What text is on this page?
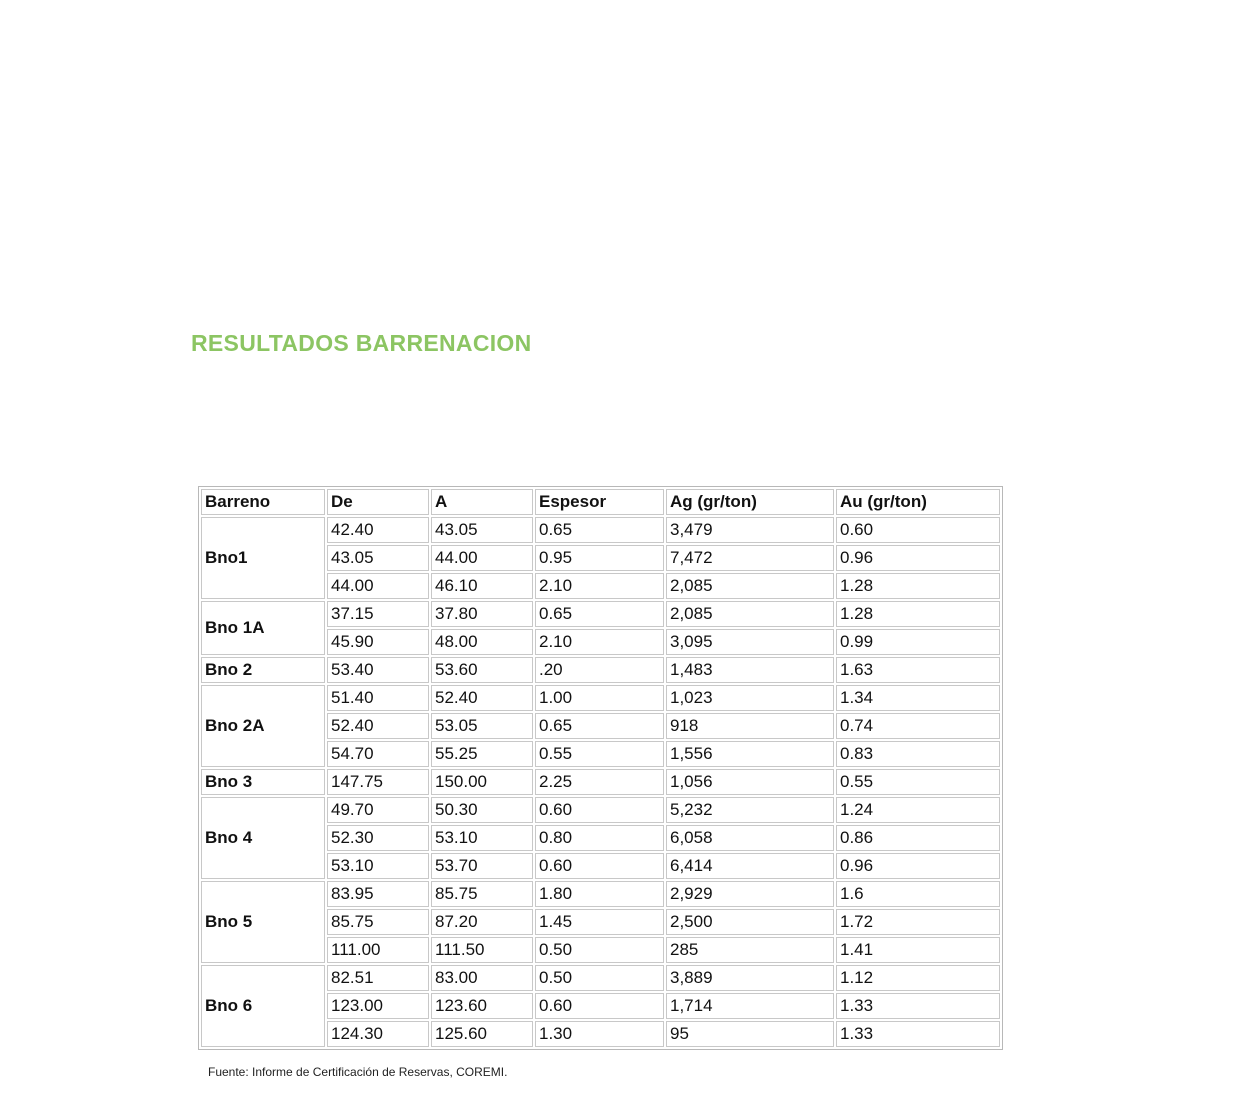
RESULTADOS BARRENACION
Barreno	De	A	Espesor	Ag (gr/ton)	Au (gr/ton)
Bno1	42.40	43.05	0.65	3,479	0.60
	43.05	44.00	0.95	7,472	0.96
	44.00	46.10	2.10	2,085	1.28
Bno 1A	37.15	37.80	0.65	2,085	1.28
	45.90	48.00	2.10	3,095	0.99
Bno 2	53.40	53.60	.20	1,483	1.63
Bno 2A	51.40	52.40	1.00	1,023	1.34
	52.40	53.05	0.65	918	0.74
	54.70	55.25	0.55	1,556	0.83
Bno 3	147.75	150.00	2.25	1,056	0.55
Bno 4	49.70	50.30	0.60	5,232	1.24
	52.30	53.10	0.80	6,058	0.86
	53.10	53.70	0.60	6,414	0.96
Bno 5	83.95	85.75	1.80	2,929	1.6
	85.75	87.20	1.45	2,500	1.72
	111.00	111.50	0.50	285	1.41
Bno 6	82.51	83.00	0.50	3,889	1.12
	123.00	123.60	0.60	1,714	1.33
	124.30	125.60	1.30	95	1.33
Fuente: Informe de Certificación de Reservas, COREMI.
